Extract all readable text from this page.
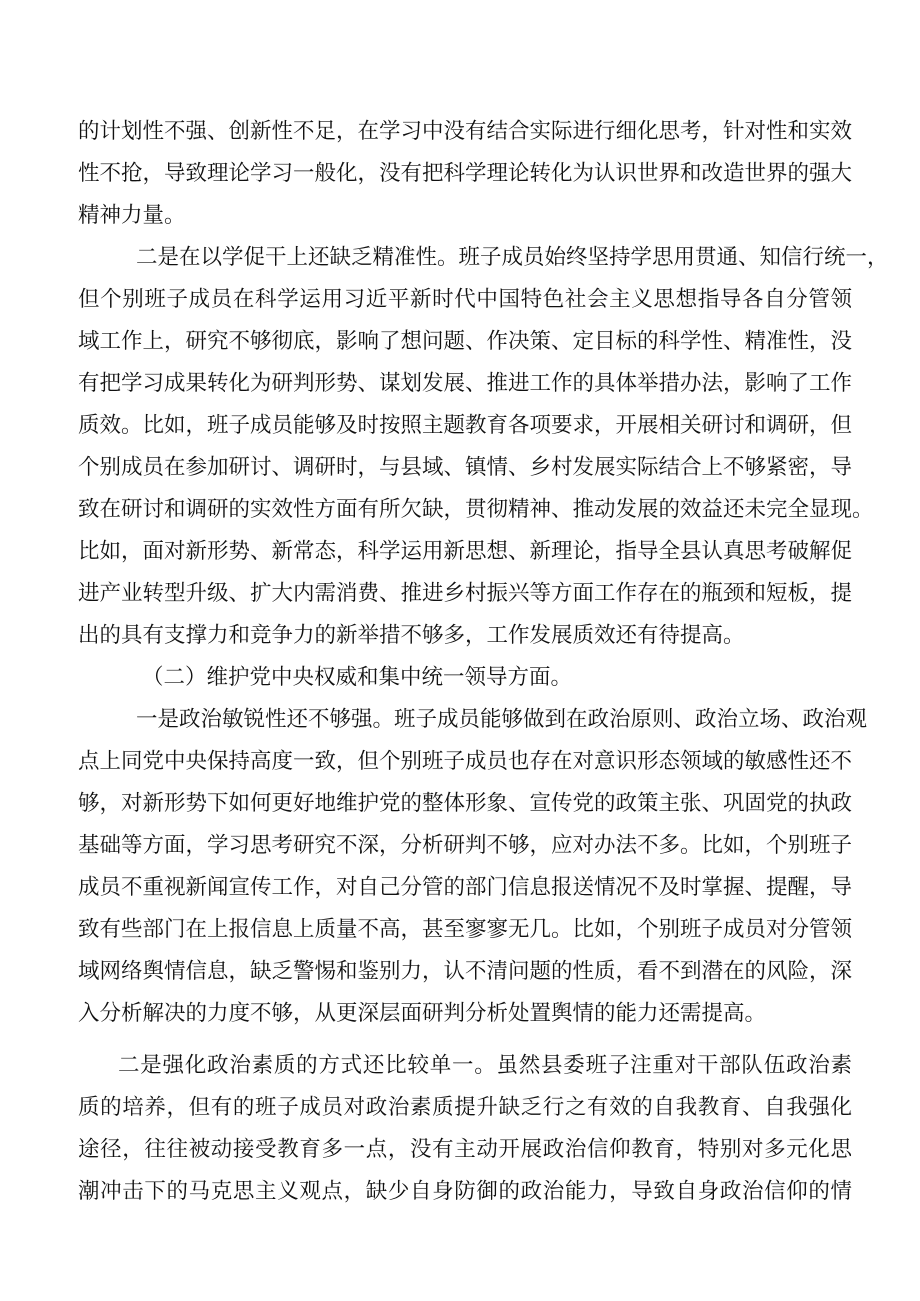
的计划性不强、创新性不足，在学习中没有结合实际进行细化思考，针对性和实效

性不抢，导致理论学习一般化，没有把科学理论转化为认识世界和改造世界的强大

精神力量。

二是在以学促干上还缺乏精准性。班子成员始终坚持学思用贯通、知信行统一，

但个别班子成员在科学运用习近平新时代中国特色社会主义思想指导各自分管领

域工作上，研究不够彻底，影响了想问题、作决策、定目标的科学性、精准性，没

有把学习成果转化为研判形势、谋划发展、推进工作的具体举措办法，影响了工作

质效。比如，班子成员能够及时按照主题教育各项要求，开展相关研讨和调研，但

个别成员在参加研讨、调研时，与县域、镇情、乡村发展实际结合上不够紧密，导

致在研讨和调研的实效性方面有所欠缺，贯彻精神、推动发展的效益还未完全显现。

比如，面对新形势、新常态，科学运用新思想、新理论，指导全县认真思考破解促

进产业转型升级、扩大内需消费、推进乡村振兴等方面工作存在的瓶颈和短板，提

出的具有支撑力和竞争力的新举措不够多，工作发展质效还有待提高。

（二）维护党中央权威和集中统一领导方面。

一是政治敏锐性还不够强。班子成员能够做到在政治原则、政治立场、政治观

点上同党中央保持高度一致，但个别班子成员也存在对意识形态领域的敏感性还不

够，对新形势下如何更好地维护党的整体形象、宣传党的政策主张、巩固党的执政

基础等方面，学习思考研究不深，分析研判不够，应对办法不多。比如，个别班子

成员不重视新闻宣传工作，对自己分管的部门信息报送情况不及时掌握、提醒，导

致有些部门在上报信息上质量不高，甚至寥寥无几。比如，个别班子成员对分管领

域网络舆情信息，缺乏警惕和鉴别力，认不清问题的性质，看不到潜在的风险，深

入分析解决的力度不够，从更深层面研判分析处置舆情的能力还需提高。

二是强化政治素质的方式还比较单一。虽然县委班子注重对干部队伍政治素

质的培养，但有的班子成员对政治素质提升缺乏行之有效的自我教育、自我强化

途径，往往被动接受教育多一点，没有主动开展政治信仰教育，特别对多元化思

潮冲击下的马克思主义观点，缺少自身防御的政治能力，导致自身政治信仰的情
